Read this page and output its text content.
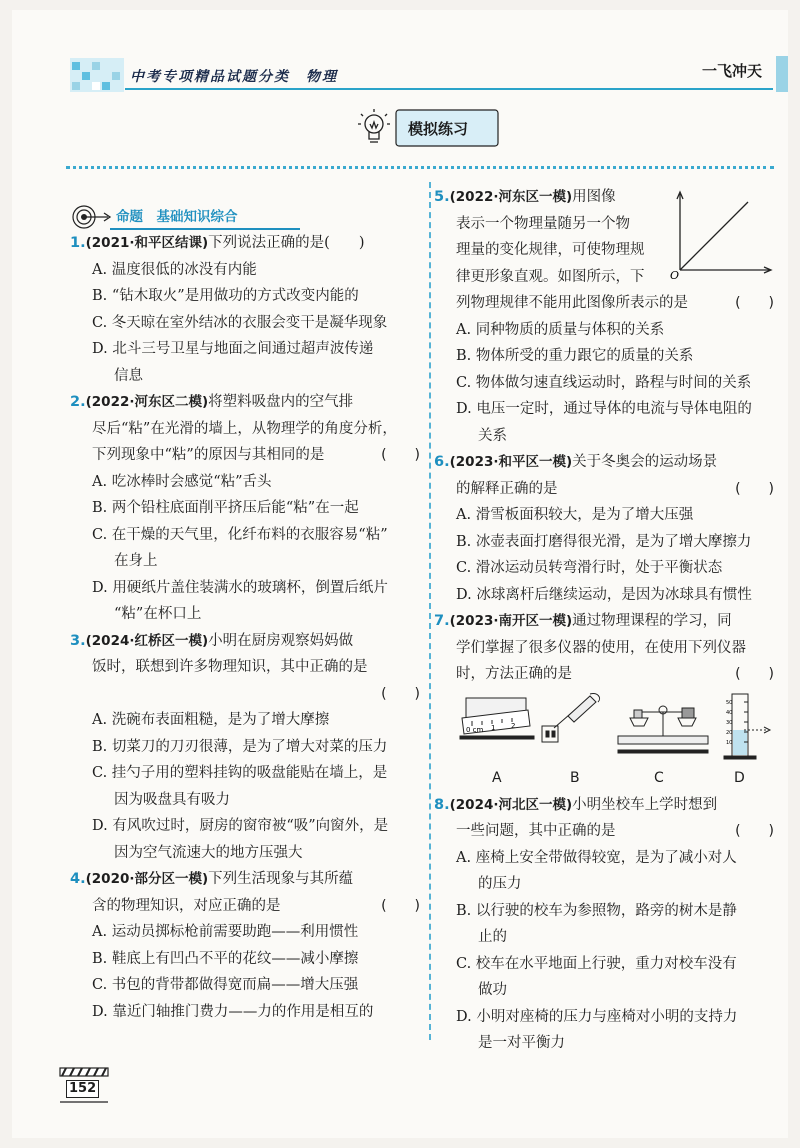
中考专项精品试题分类　物理	一飞冲天
模拟练习
命题　基础知识综合
1.(2021·和平区结课)下列说法正确的是(　　)
A. 温度很低的冰没有内能
B. “钻木取火”是用做功的方式改变内能的
C. 冬天晾在室外结冰的衣服会变干是凝华现象
D. 北斗三号卫星与地面之间通过超声波传递
信息
2.(2022·河东区二模)将塑料吸盘内的空气排
尽后“粘”在光滑的墙上，从物理学的角度分析，
下列现象中“粘”的原因与其相同的是	(　　)
A. 吃冰棒时会感觉“粘”舌头
B. 两个铅柱底面削平挤压后能“粘”在一起
C. 在干燥的天气里，化纤布料的衣服容易“粘”
在身上
D. 用硬纸片盖住装满水的玻璃杯，倒置后纸片
“粘”在杯口上
3.(2024·红桥区一模)小明在厨房观察妈妈做
饭时，联想到许多物理知识，其中正确的是
(　　)
A. 洗碗布表面粗糙，是为了增大摩擦
B. 切菜刀的刀刃很薄，是为了增大对菜的压力
C. 挂勺子用的塑料挂钩的吸盘能贴在墙上，是
因为吸盘具有吸力
D. 有风吹过时，厨房的窗帘被“吸”向窗外，是
因为空气流速大的地方压强大
4.(2020·部分区一模)下列生活现象与其所蕴
含的物理知识，对应正确的是	(　　)
A. 运动员掷标枪前需要助跑——利用惯性
B. 鞋底上有凹凸不平的花纹——减小摩擦
C. 书包的背带都做得宽而扁——增大压强
D. 靠近门轴推门费力——力的作用是相互的
5.(2022·河东区一模)用图像
表示一个物理量随另一个物
理量的变化规律，可使物理规
律更形象直观。如图所示，下
列物理规律不能用此图像所表示的是	(　　)
A. 同种物质的质量与体积的关系
B. 物体所受的重力跟它的质量的关系
C. 物体做匀速直线运动时，路程与时间的关系
D. 电压一定时，通过导体的电流与导体电阻的
关系
6.(2023·和平区一模)关于冬奥会的运动场景
的解释正确的是	(　　)
A. 滑雪板面积较大，是为了增大压强
B. 冰壶表面打磨得很光滑，是为了增大摩擦力
C. 滑冰运动员转弯滑行时，处于平衡状态
D. 冰球离杆后继续运动，是因为冰球具有惯性
7.(2023·南开区一模)通过物理课程的学习，同
学们掌握了很多仪器的使用，在使用下列仪器
时，方法正确的是	(　　)
8.(2024·河北区一模)小明坐校车上学时想到
一些问题，其中正确的是	(　　)
A. 座椅上安全带做得较宽，是为了减小对人
的压力
B. 以行驶的校车为参照物，路旁的树木是静
止的
C. 校车在水平地面上行驶，重力对校车没有
做功
D. 小明对座椅的压力与座椅对小明的支持力
是一对平衡力
O
0 cm 1 2
50
40
30
20
10
A	B	C	D
152
